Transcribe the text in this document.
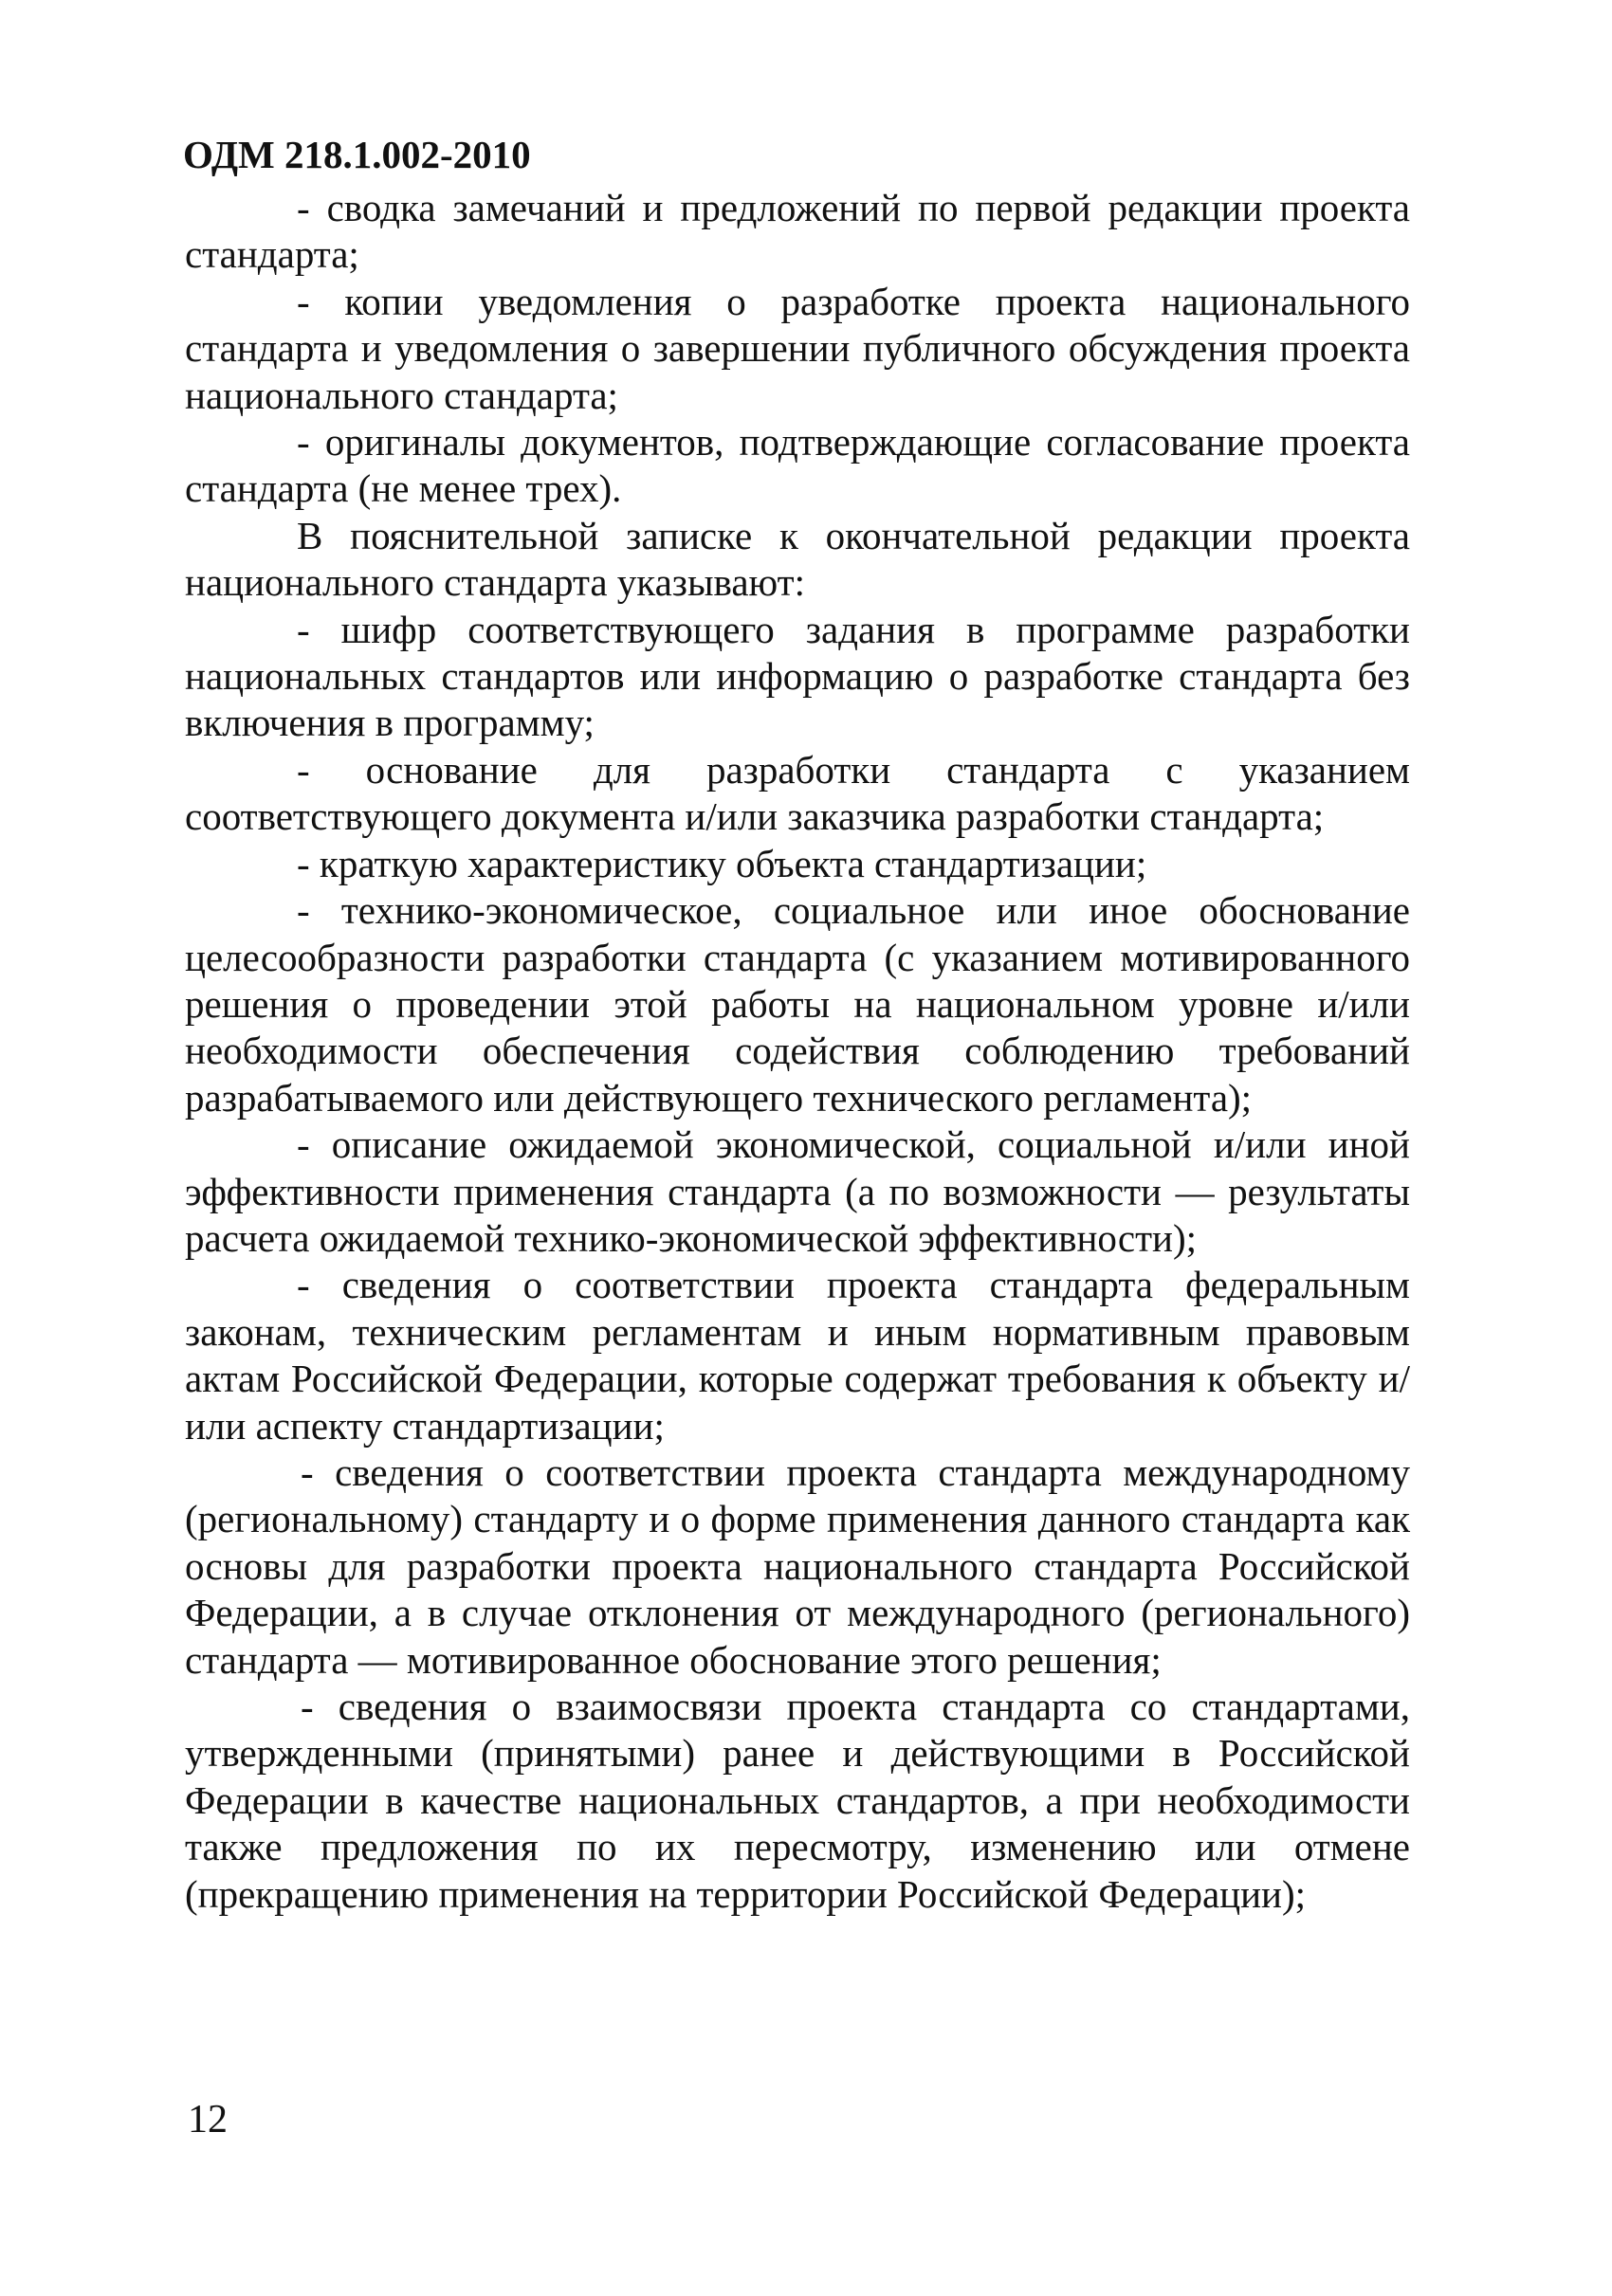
ОДМ 218.1.002-2010

- сводка замечаний и предложений по первой редакции проекта стандарта;

- копии уведомления о разработке проекта национального стандарта и уведомления о завершении публичного обсуждения проекта национального стандарта;

- оригиналы документов, подтверждающие согласование проекта стандарта (не менее трех).

В пояснительной записке к окончательной редакции проекта национального стандарта указывают:

- шифр соответствующего задания в программе разработки национальных стандартов или информацию о разработке стандарта без включения в программу;

- основание для разработки стандарта с указанием соответствующего документа и/или заказчика разработки стандарта;

- краткую характеристику объекта стандартизации;

- технико-экономическое, социальное или иное обоснование целесообразности разработки стандарта (с указанием мотивированного решения о проведении этой работы на национальном уровне и/или необходимости обеспечения содействия соблюдению требований разрабатываемого или действующего технического регламента);

- описание ожидаемой экономической, социальной и/или иной эффективности применения стандарта (а по возможности — результаты расчета ожидаемой технико-экономической эффективности);

- сведения о соответствии проекта стандарта федеральным законам, техническим регламентам и иным нормативным правовым актам Российской Федерации, которые содержат требования к объекту и/или аспекту стандартизации;

- сведения о соответствии проекта стандарта международному (региональному) стандарту и о форме применения данного стандарта как основы для разработки проекта национального стандарта Российской Федерации, а в случае отклонения от международного (регионального) стандарта — мотивированное обоснование этого решения;

- сведения о взаимосвязи проекта стандарта со стандартами, утвержденными (принятыми) ранее и действующими в Российской Федерации в качестве национальных стандартов, а при необходимости также предложения по их пересмотру, изменению или отмене (прекращению применения на территории Российской Федерации);

12
